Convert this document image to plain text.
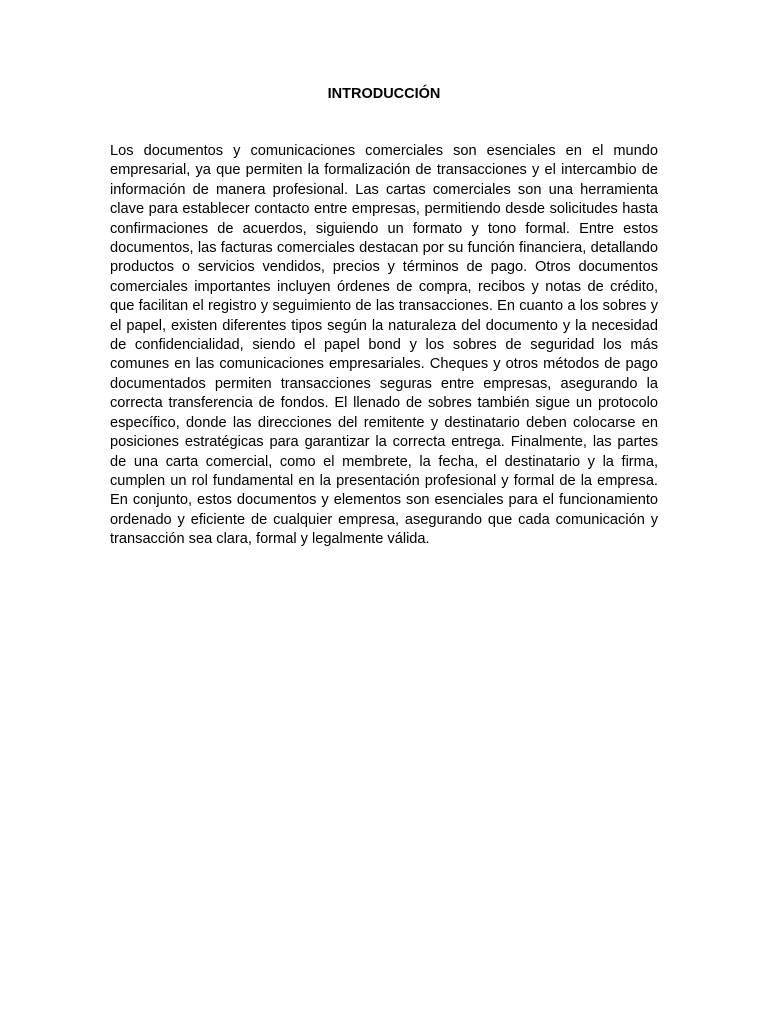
INTRODUCCIÓN

Los documentos y comunicaciones comerciales son esenciales en el mundo empresarial, ya que permiten la formalización de transacciones y el intercambio de información de manera profesional. Las cartas comerciales son una herramienta clave para establecer contacto entre empresas, permitiendo desde solicitudes hasta confirmaciones de acuerdos, siguiendo un formato y tono formal. Entre estos documentos, las facturas comerciales destacan por su función financiera, detallando productos o servicios vendidos, precios y términos de pago. Otros documentos comerciales importantes incluyen órdenes de compra, recibos y notas de crédito, que facilitan el registro y seguimiento de las transacciones. En cuanto a los sobres y el papel, existen diferentes tipos según la naturaleza del documento y la necesidad de confidencialidad, siendo el papel bond y los sobres de seguridad los más comunes en las comunicaciones empresariales. Cheques y otros métodos de pago documentados permiten transacciones seguras entre empresas, asegurando la correcta transferencia de fondos. El llenado de sobres también sigue un protocolo específico, donde las direcciones del remitente y destinatario deben colocarse en posiciones estratégicas para garantizar la correcta entrega. Finalmente, las partes de una carta comercial, como el membrete, la fecha, el destinatario y la firma, cumplen un rol fundamental en la presentación profesional y formal de la empresa. En conjunto, estos documentos y elementos son esenciales para el funcionamiento ordenado y eficiente de cualquier empresa, asegurando que cada comunicación y transacción sea clara, formal y legalmente válida.
